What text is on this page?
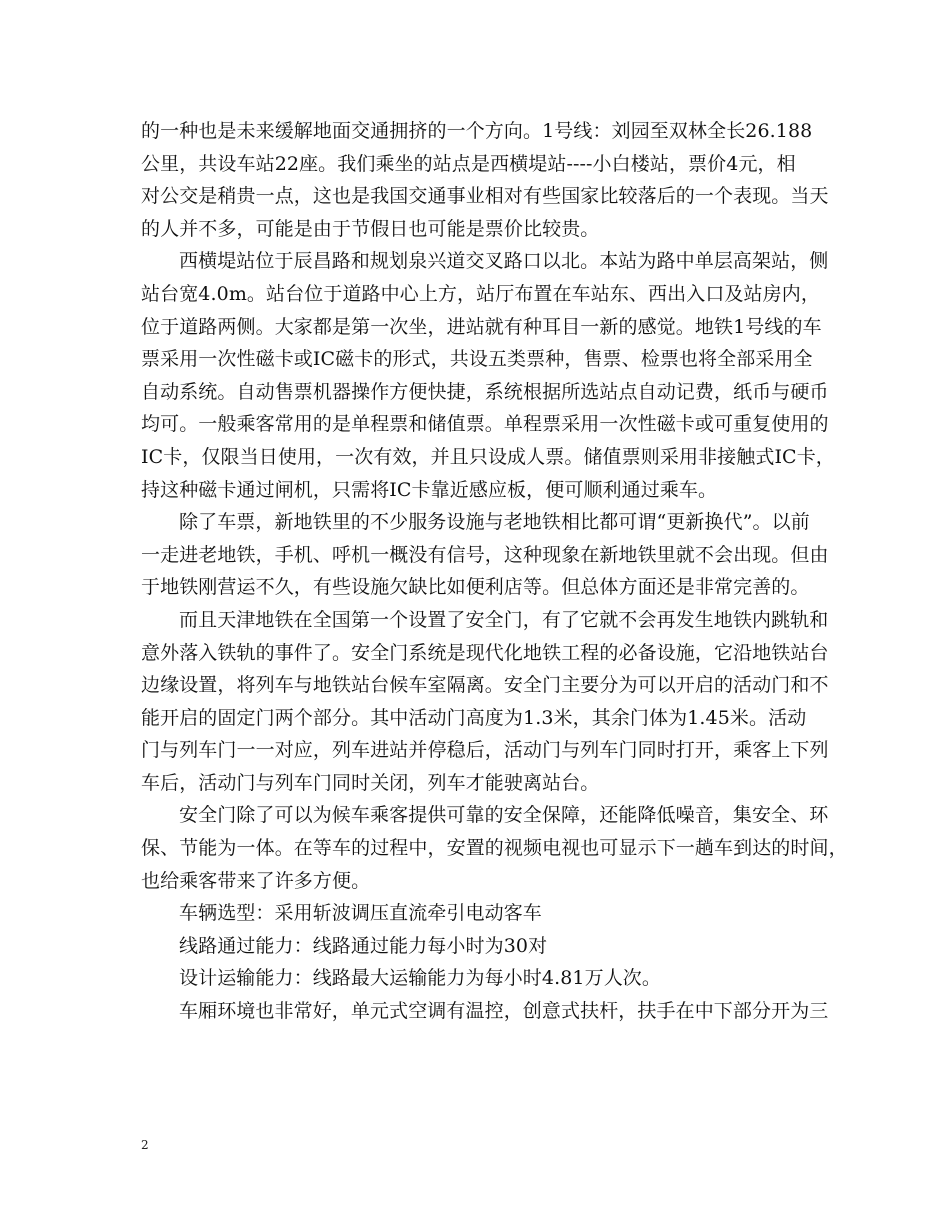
的一种也是未来缓解地面交通拥挤的一个方向。1号线：刘园至双林全长26.188
公里，共设车站22座。我们乘坐的站点是西横堤站----小白楼站，票价4元，相
对公交是稍贵一点，这也是我国交通事业相对有些国家比较落后的一个表现。当天
的人并不多，可能是由于节假日也可能是票价比较贵。
西横堤站位于辰昌路和规划泉兴道交叉路口以北。本站为路中单层高架站，侧
站台宽4.0m。站台位于道路中心上方，站厅布置在车站东、西出入口及站房内，
位于道路两侧。大家都是第一次坐，进站就有种耳目一新的感觉。地铁1号线的车
票采用一次性磁卡或IC磁卡的形式，共设五类票种，售票、检票也将全部采用全
自动系统。自动售票机器操作方便快捷，系统根据所选站点自动记费，纸币与硬币
均可。一般乘客常用的是单程票和储值票。单程票采用一次性磁卡或可重复使用的
IC卡，仅限当日使用，一次有效，并且只设成人票。储值票则采用非接触式IC卡，
持这种磁卡通过闸机，只需将IC卡靠近感应板，便可顺利通过乘车。
除了车票，新地铁里的不少服务设施与老地铁相比都可谓“更新换代”。以前
一走进老地铁，手机、呼机一概没有信号，这种现象在新地铁里就不会出现。但由
于地铁刚营运不久，有些设施欠缺比如便利店等。但总体方面还是非常完善的。
而且天津地铁在全国第一个设置了安全门，有了它就不会再发生地铁内跳轨和
意外落入铁轨的事件了。安全门系统是现代化地铁工程的必备设施，它沿地铁站台
边缘设置，将列车与地铁站台候车室隔离。安全门主要分为可以开启的活动门和不
能开启的固定门两个部分。其中活动门高度为1.3米，其余门体为1.45米。活动
门与列车门一一对应，列车进站并停稳后，活动门与列车门同时打开，乘客上下列
车后，活动门与列车门同时关闭，列车才能驶离站台。
安全门除了可以为候车乘客提供可靠的安全保障，还能降低噪音，集安全、环
保、节能为一体。在等车的过程中，安置的视频电视也可显示下一趟车到达的时间，
也给乘客带来了许多方便。
车辆选型：采用斩波调压直流牵引电动客车
线路通过能力：线路通过能力每小时为30对
设计运输能力：线路最大运输能力为每小时4.81万人次。
车厢环境也非常好，单元式空调有温控，创意式扶杆，扶手在中下部分开为三
2
